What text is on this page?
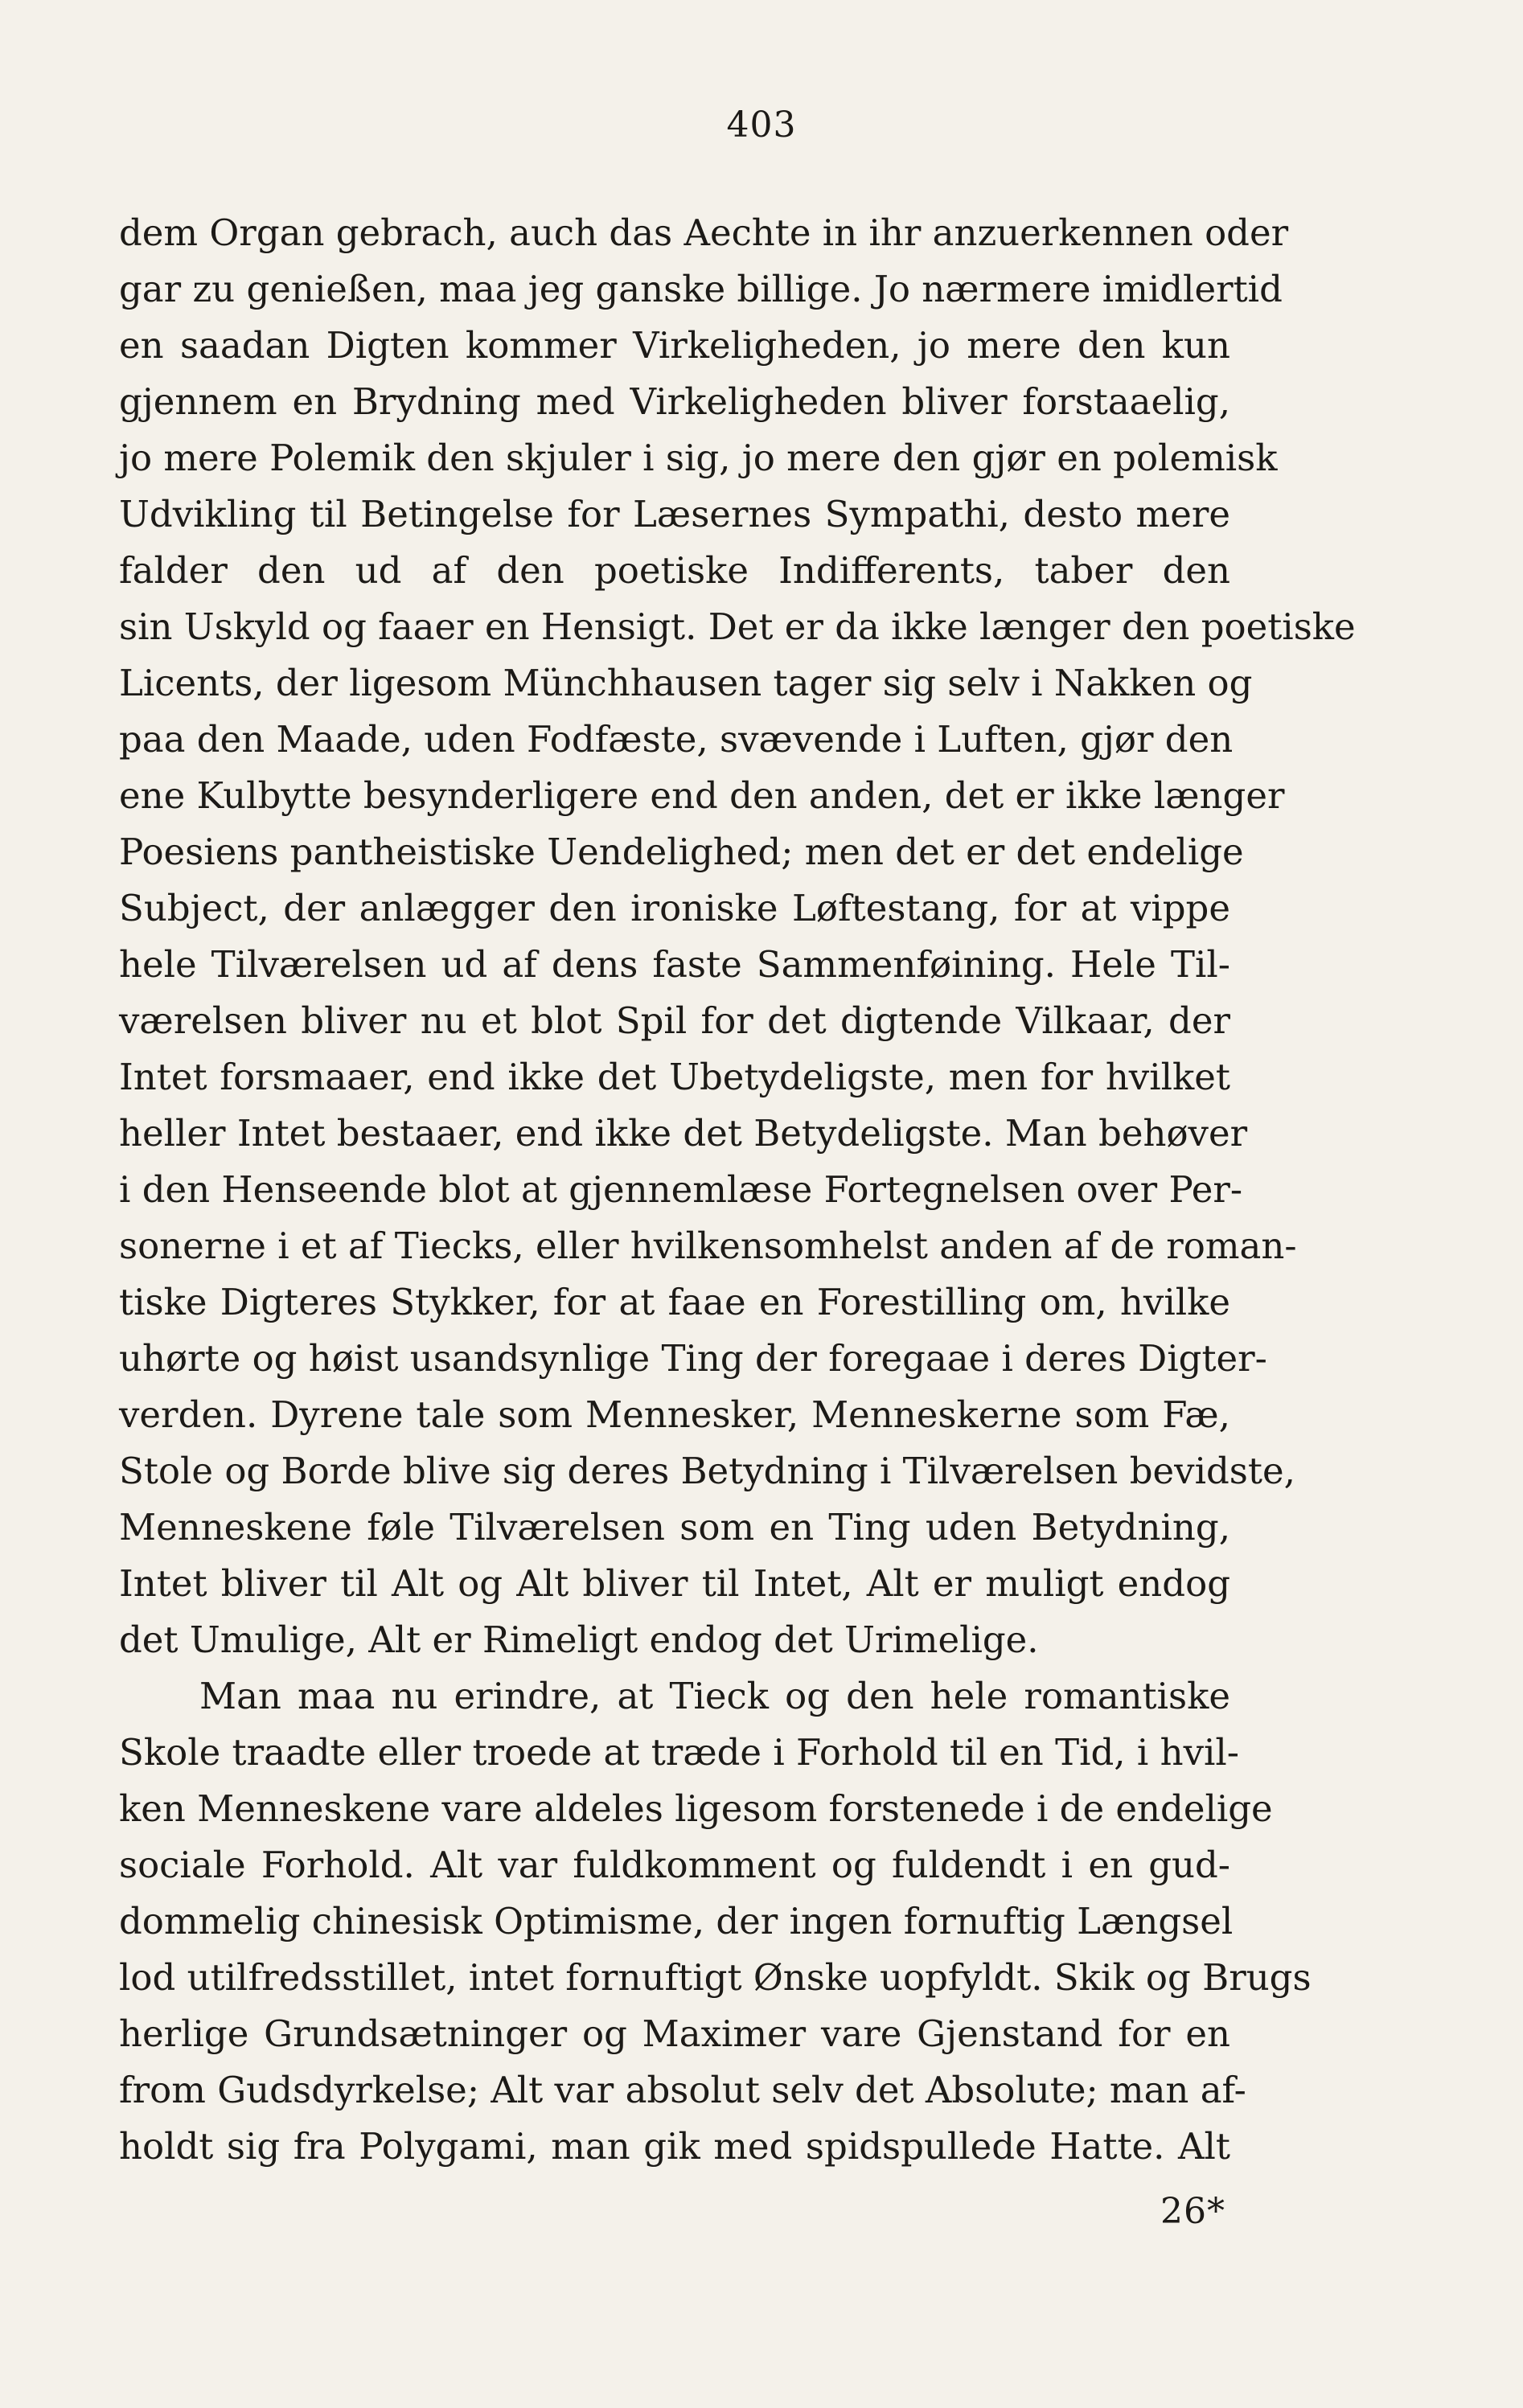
403
dem Organ gebrach, auch das Aechte in ihr anzuerkennen oder
gar zu genießen, maa jeg ganske billige. Jo nærmere imidlertid
en saadan Digten kommer Virkeligheden, jo mere den kun
gjennem en Brydning med Virkeligheden bliver forstaaelig,
jo mere Polemik den skjuler i sig, jo mere den gjør en polemisk
Udvikling til Betingelse for Læsernes Sympathi, desto mere
falder den ud af den poetiske Indifferents, taber den
sin Uskyld og faaer en Hensigt. Det er da ikke længer den poetiske
Licents, der ligesom Münchhausen tager sig selv i Nakken og
paa den Maade, uden Fodfæste, svævende i Luften, gjør den
ene Kulbytte besynderligere end den anden, det er ikke længer
Poesiens pantheistiske Uendelighed; men det er det endelige
Subject, der anlægger den ironiske Løftestang, for at vippe
hele Tilværelsen ud af dens faste Sammenføining. Hele Til-
værelsen bliver nu et blot Spil for det digtende Vilkaar, der
Intet forsmaaer, end ikke det Ubetydeligste, men for hvilket
heller Intet bestaaer, end ikke det Betydeligste. Man behøver
i den Henseende blot at gjennemlæse Fortegnelsen over Per-
sonerne i et af Tiecks, eller hvilkensomhelst anden af de roman-
tiske Digteres Stykker, for at faae en Forestilling om, hvilke
uhørte og høist usandsynlige Ting der foregaae i deres Digter-
verden. Dyrene tale som Mennesker, Menneskerne som Fæ,
Stole og Borde blive sig deres Betydning i Tilværelsen bevidste,
Menneskene føle Tilværelsen som en Ting uden Betydning,
Intet bliver til Alt og Alt bliver til Intet, Alt er muligt endog
det Umulige, Alt er Rimeligt endog det Urimelige.
Man maa nu erindre, at Tieck og den hele romantiske
Skole traadte eller troede at træde i Forhold til en Tid, i hvil-
ken Menneskene vare aldeles ligesom forstenede i de endelige
sociale Forhold. Alt var fuldkomment og fuldendt i en gud-
dommelig chinesisk Optimisme, der ingen fornuftig Længsel
lod utilfredsstillet, intet fornuftigt Ønske uopfyldt. Skik og Brugs
herlige Grundsætninger og Maximer vare Gjenstand for en
from Gudsdyrkelse; Alt var absolut selv det Absolute; man af-
holdt sig fra Polygami, man gik med spidspullede Hatte. Alt
26*
